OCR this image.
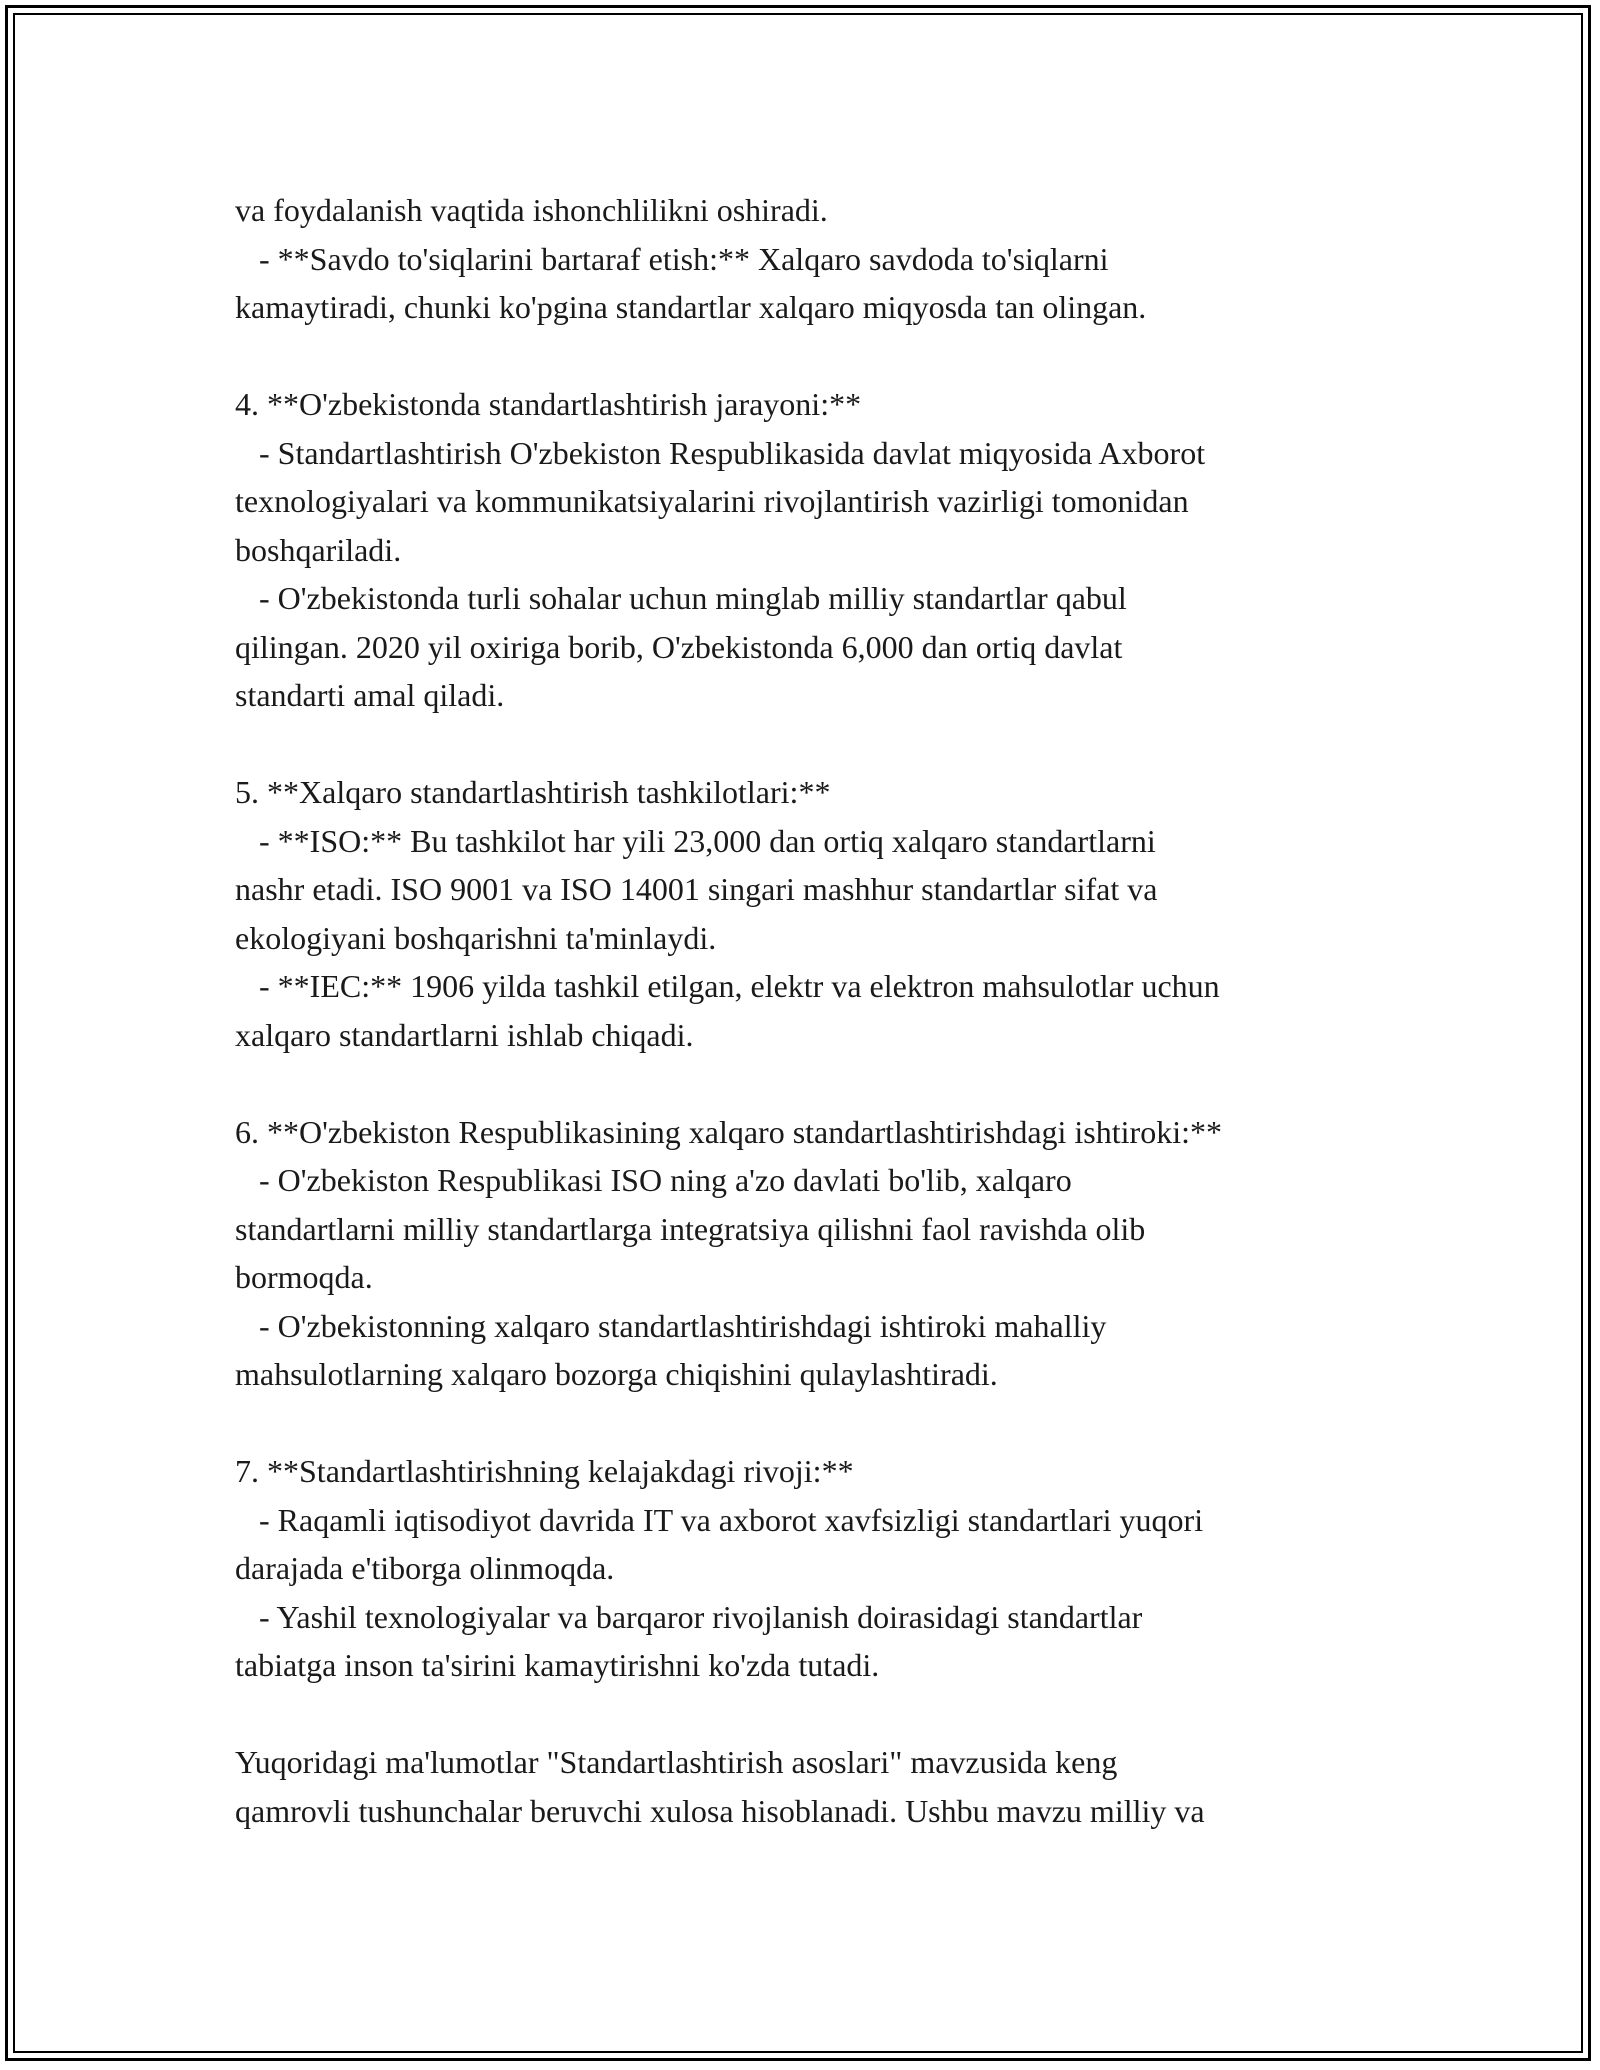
va foydalanish vaqtida ishonchlilikni oshiradi.
- **Savdo to'siqlarini bartaraf etish:** Xalqaro savdoda to'siqlarni
kamaytiradi, chunki ko'pgina standartlar xalqaro miqyosda tan olingan.
4. **O'zbekistonda standartlashtirish jarayoni:**
- Standartlashtirish O'zbekiston Respublikasida davlat miqyosida Axborot
texnologiyalari va kommunikatsiyalarini rivojlantirish vazirligi tomonidan
boshqariladi.
- O'zbekistonda turli sohalar uchun minglab milliy standartlar qabul
qilingan. 2020 yil oxiriga borib, O'zbekistonda 6,000 dan ortiq davlat
standarti amal qiladi.
5. **Xalqaro standartlashtirish tashkilotlari:**
- **ISO:** Bu tashkilot har yili 23,000 dan ortiq xalqaro standartlarni
nashr etadi. ISO 9001 va ISO 14001 singari mashhur standartlar sifat va
ekologiyani boshqarishni ta'minlaydi.
- **IEC:** 1906 yilda tashkil etilgan, elektr va elektron mahsulotlar uchun
xalqaro standartlarni ishlab chiqadi.
6. **O'zbekiston Respublikasining xalqaro standartlashtirishdagi ishtiroki:**
- O'zbekiston Respublikasi ISO ning a'zo davlati bo'lib, xalqaro
standartlarni milliy standartlarga integratsiya qilishni faol ravishda olib
bormoqda.
- O'zbekistonning xalqaro standartlashtirishdagi ishtiroki mahalliy
mahsulotlarning xalqaro bozorga chiqishini qulaylashtiradi.
7. **Standartlashtirishning kelajakdagi rivoji:**
- Raqamli iqtisodiyot davrida IT va axborot xavfsizligi standartlari yuqori
darajada e'tiborga olinmoqda.
- Yashil texnologiyalar va barqaror rivojlanish doirasidagi standartlar
tabiatga inson ta'sirini kamaytirishni ko'zda tutadi.
Yuqoridagi ma'lumotlar "Standartlashtirish asoslari" mavzusida keng
qamrovli tushunchalar beruvchi xulosa hisoblanadi. Ushbu mavzu milliy va
